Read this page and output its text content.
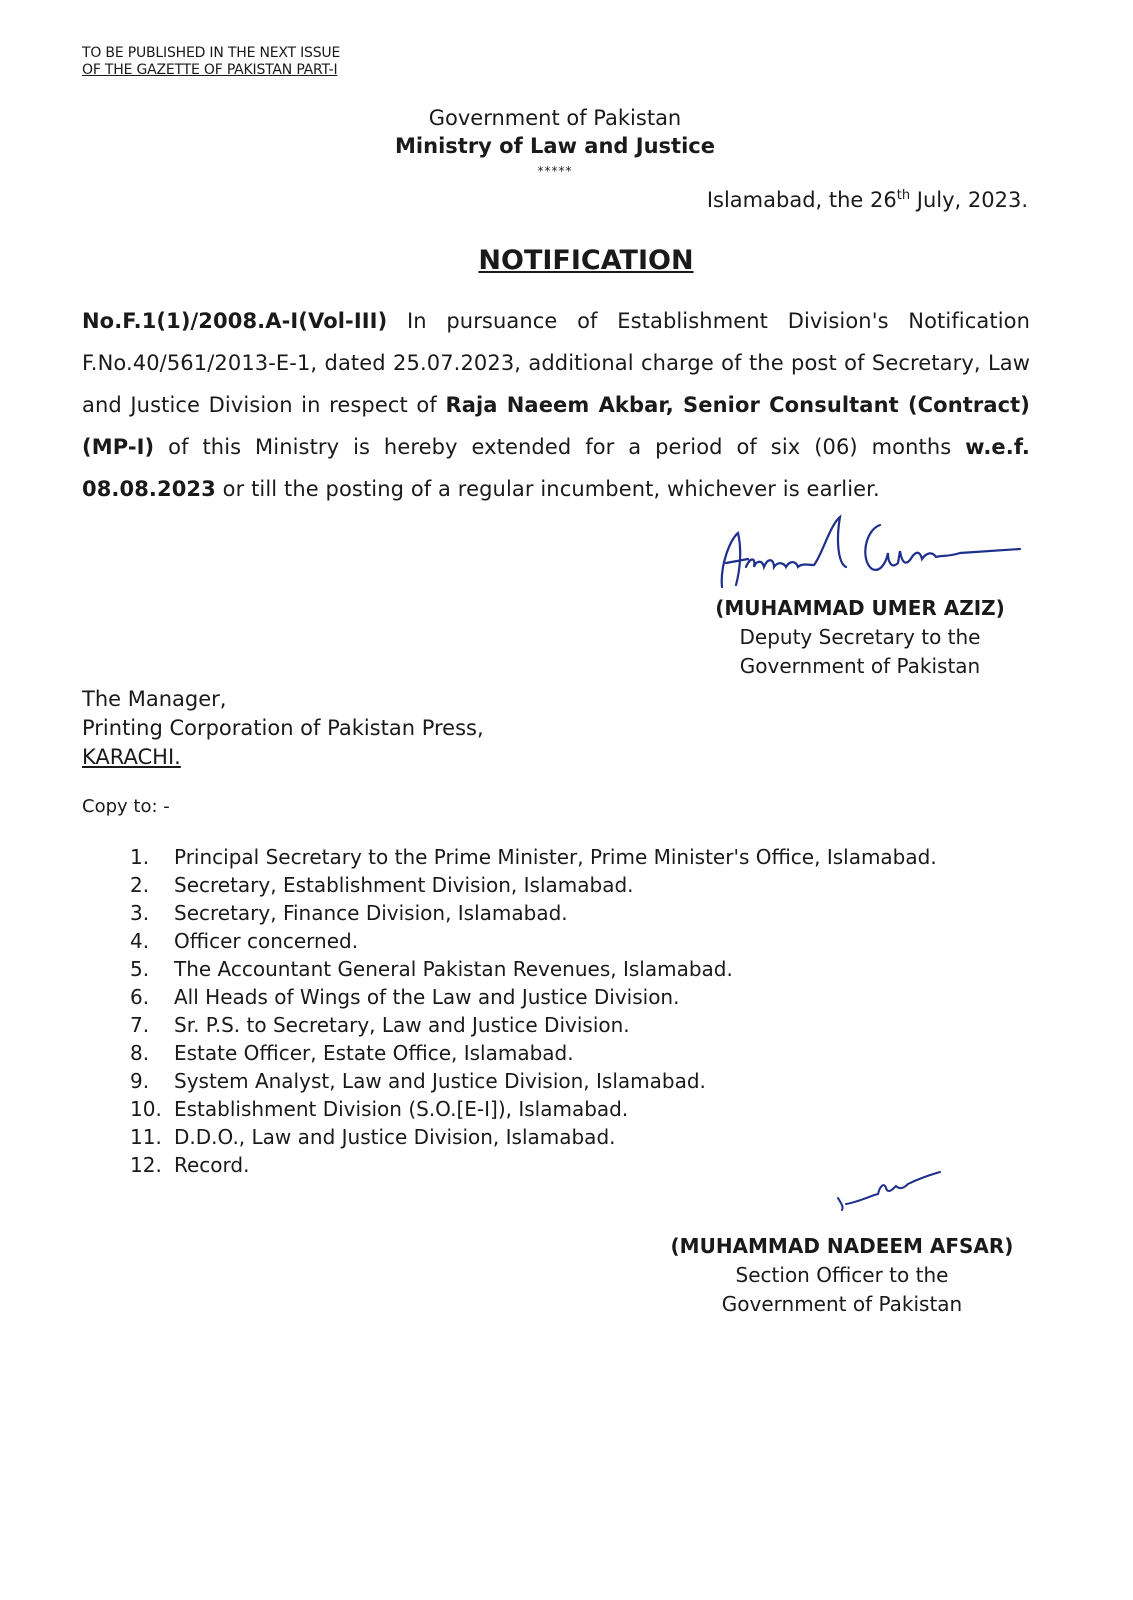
TO BE PUBLISHED IN THE NEXT ISSUE
OF THE GAZETTE OF PAKISTAN PART-I
Government of Pakistan
Ministry of Law and Justice
*****
Islamabad, the 26th July, 2023.
NOTIFICATION
No.F.1(1)/2008.A-I(Vol-III) In pursuance of Establishment Division's Notification F.No.40/561/2013-E-1, dated 25.07.2023, additional charge of the post of Secretary, Law and Justice Division in respect of Raja Naeem Akbar, Senior Consultant (Contract) (MP-I) of this Ministry is hereby extended for a period of six (06) months w.e.f. 08.08.2023 or till the posting of a regular incumbent, whichever is earlier.
(MUHAMMAD UMER AZIZ)
Deputy Secretary to the
Government of Pakistan
The Manager,
Printing Corporation of Pakistan Press,
KARACHI.
Copy to: -
1. Principal Secretary to the Prime Minister, Prime Minister's Office, Islamabad.
2. Secretary, Establishment Division, Islamabad.
3. Secretary, Finance Division, Islamabad.
4. Officer concerned.
5. The Accountant General Pakistan Revenues, Islamabad.
6. All Heads of Wings of the Law and Justice Division.
7. Sr. P.S. to Secretary, Law and Justice Division.
8. Estate Officer, Estate Office, Islamabad.
9. System Analyst, Law and Justice Division, Islamabad.
10. Establishment Division (S.O.[E-I]), Islamabad.
11. D.D.O., Law and Justice Division, Islamabad.
12. Record.
(MUHAMMAD NADEEM AFSAR)
Section Officer to the
Government of Pakistan
